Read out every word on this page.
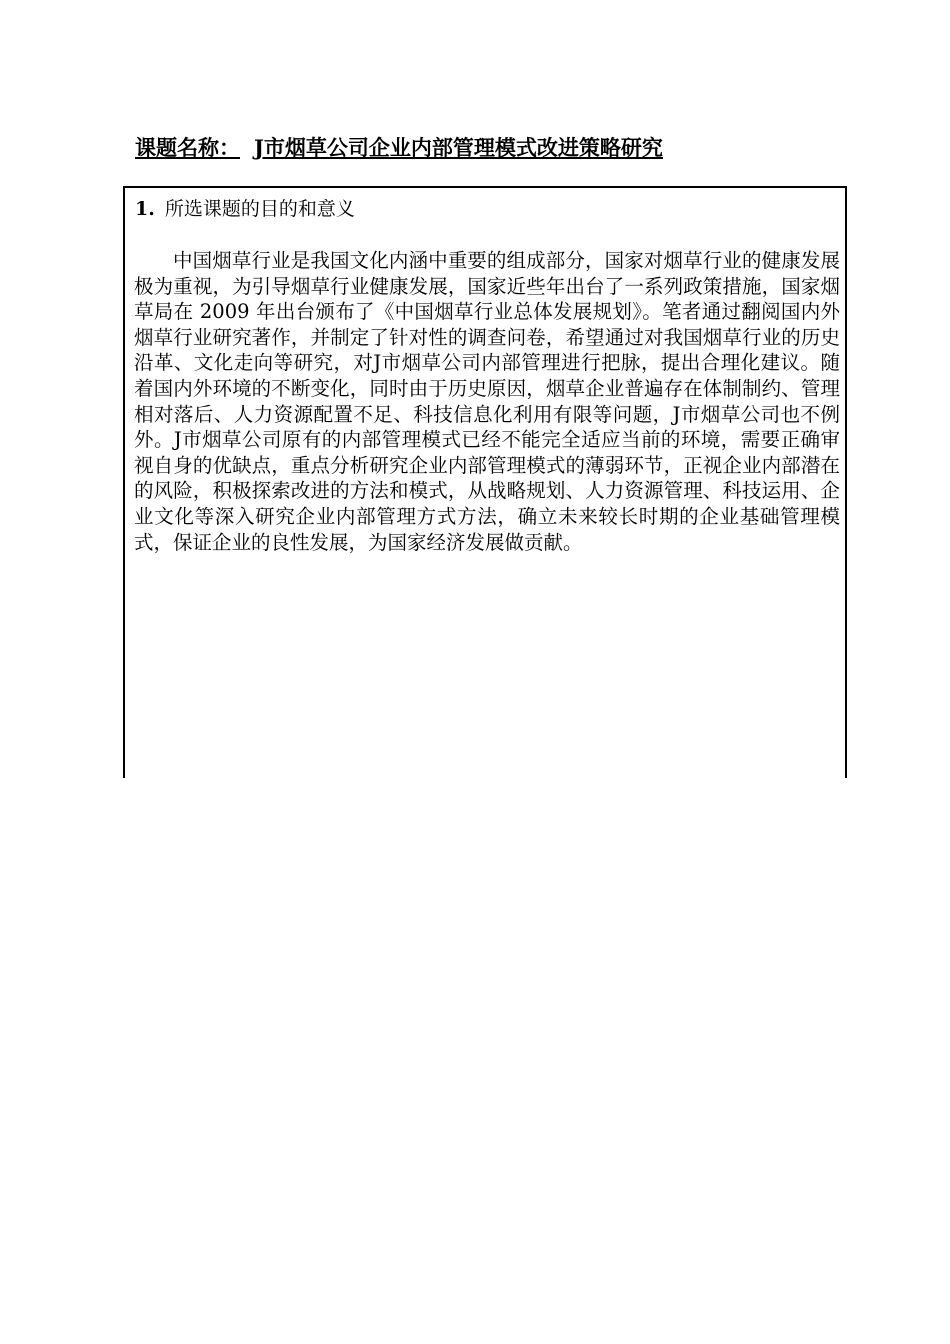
课题名称： J市烟草公司企业内部管理模式改进策略研究
1. 所选课题的目的和意义

中国烟草行业是我国文化内涵中重要的组成部分，国家对烟草行业的健康发展极为重视，为引导烟草行业健康发展，国家近些年出台了一系列政策措施，国家烟草局在 2009 年出台颁布了《中国烟草行业总体发展规划》。笔者通过翻阅国内外烟草行业研究著作，并制定了针对性的调查问卷，希望通过对我国烟草行业的历史沿革、文化走向等研究，对J市烟草公司内部管理进行把脉，提出合理化建议。随着国内外环境的不断变化，同时由于历史原因，烟草企业普遍存在体制制约、管理相对落后、人力资源配置不足、科技信息化利用有限等问题，J市烟草公司也不例外。J市烟草公司原有的内部管理模式已经不能完全适应当前的环境，需要正确审视自身的优缺点，重点分析研究企业内部管理模式的薄弱环节，正视企业内部潜在的风险，积极探索改进的方法和模式，从战略规划、人力资源管理、科技运用、企业文化等深入研究企业内部管理方式方法，确立未来较长时期的企业基础管理模式，保证企业的良性发展，为国家经济发展做贡献。
